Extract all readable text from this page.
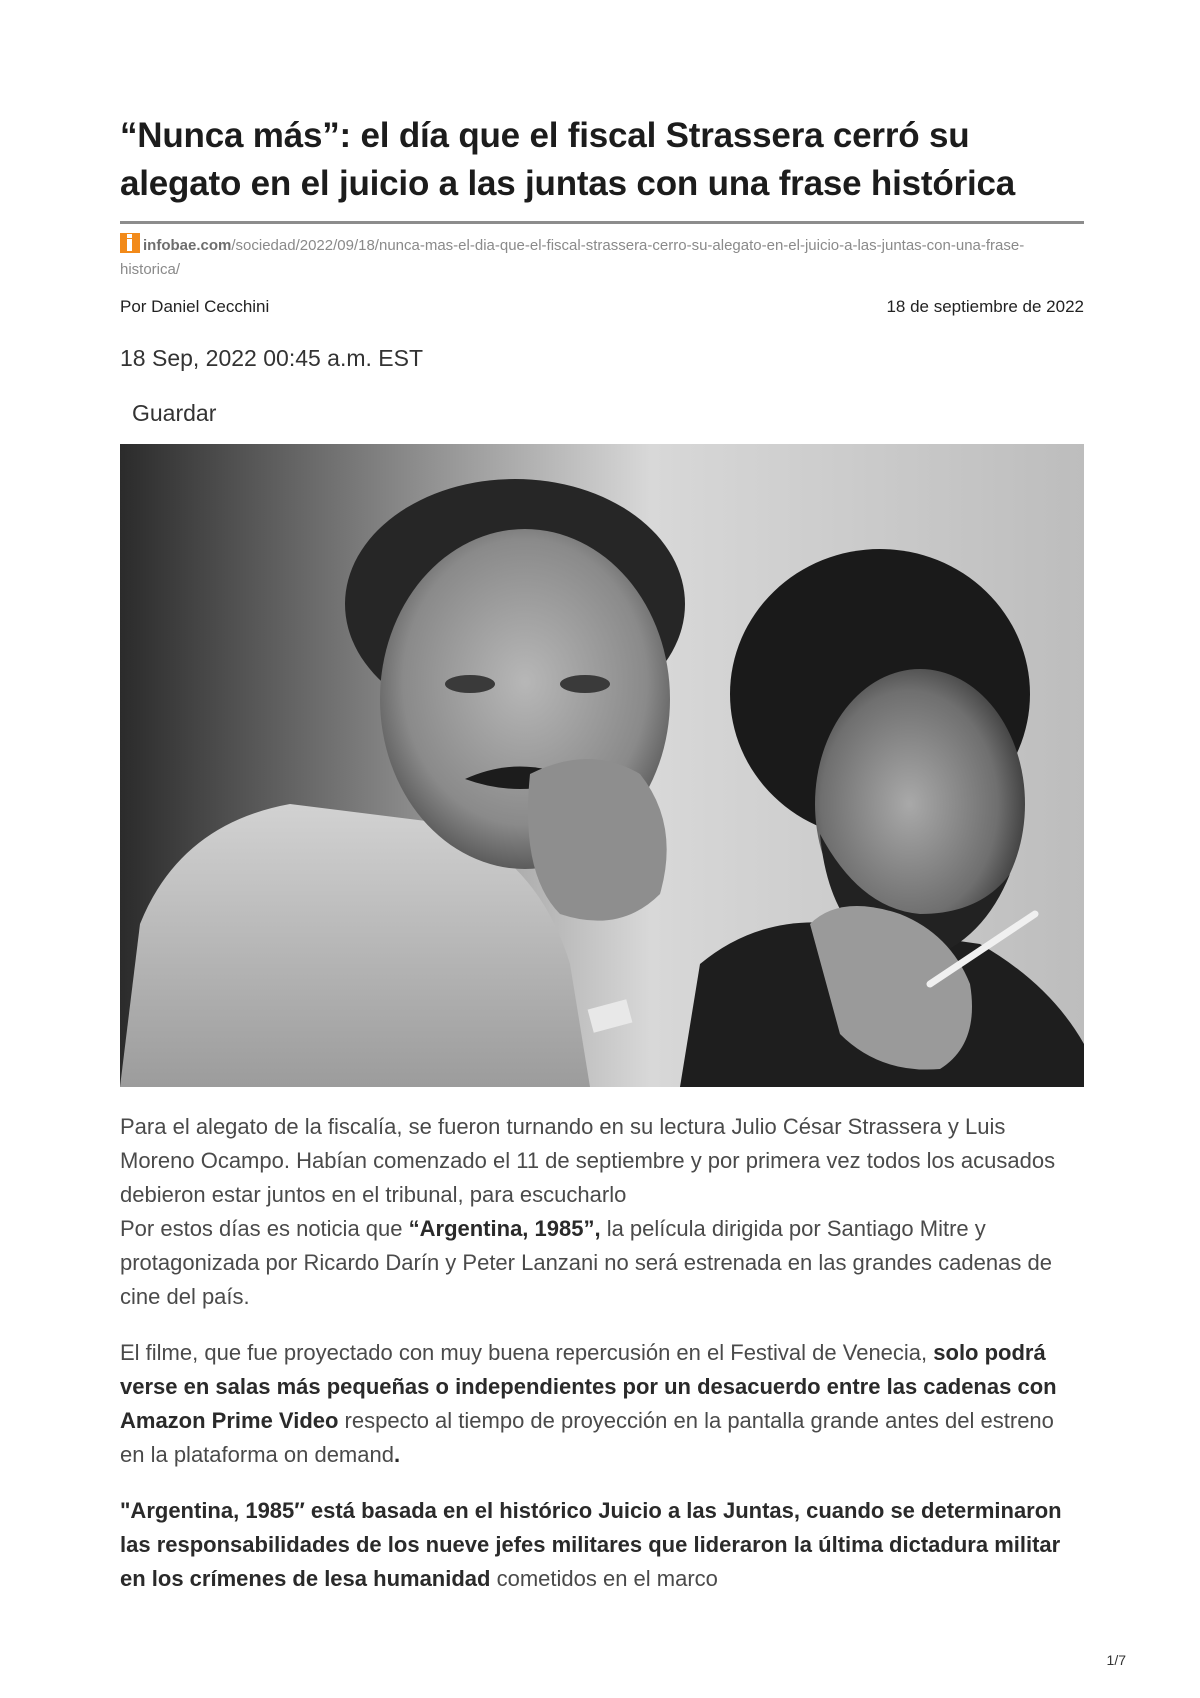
“Nunca más”: el día que el fiscal Strassera cerró su alegato en el juicio a las juntas con una frase histórica
infobae.com/sociedad/2022/09/18/nunca-mas-el-dia-que-el-fiscal-strassera-cerro-su-alegato-en-el-juicio-a-las-juntas-con-una-frase-historica/
Por Daniel Cecchini	18 de septiembre de 2022
18 Sep, 2022 00:45 a.m. EST
Guardar

Para el alegato de la fiscalía, se fueron turnando en su lectura Julio César Strassera y Luis Moreno Ocampo. Habían comenzado el 11 de septiembre y por primera vez todos los acusados debieron estar juntos en el tribunal, para escucharlo

Por estos días es noticia que “Argentina, 1985”, la película dirigida por Santiago Mitre y protagonizada por Ricardo Darín y Peter Lanzani no será estrenada en las grandes cadenas de cine del país.

El filme, que fue proyectado con muy buena repercusión en el Festival de Venecia, solo podrá verse en salas más pequeñas o independientes por un desacuerdo entre las cadenas con Amazon Prime Video respecto al tiempo de proyección en la pantalla grande antes del estreno en la plataforma on demand.

"Argentina, 1985″ está basada en el histórico Juicio a las Juntas, cuando se determinaron las responsabilidades de los nueve jefes militares que lideraron la última dictadura militar en los crímenes de lesa humanidad cometidos en el marco

1/7
